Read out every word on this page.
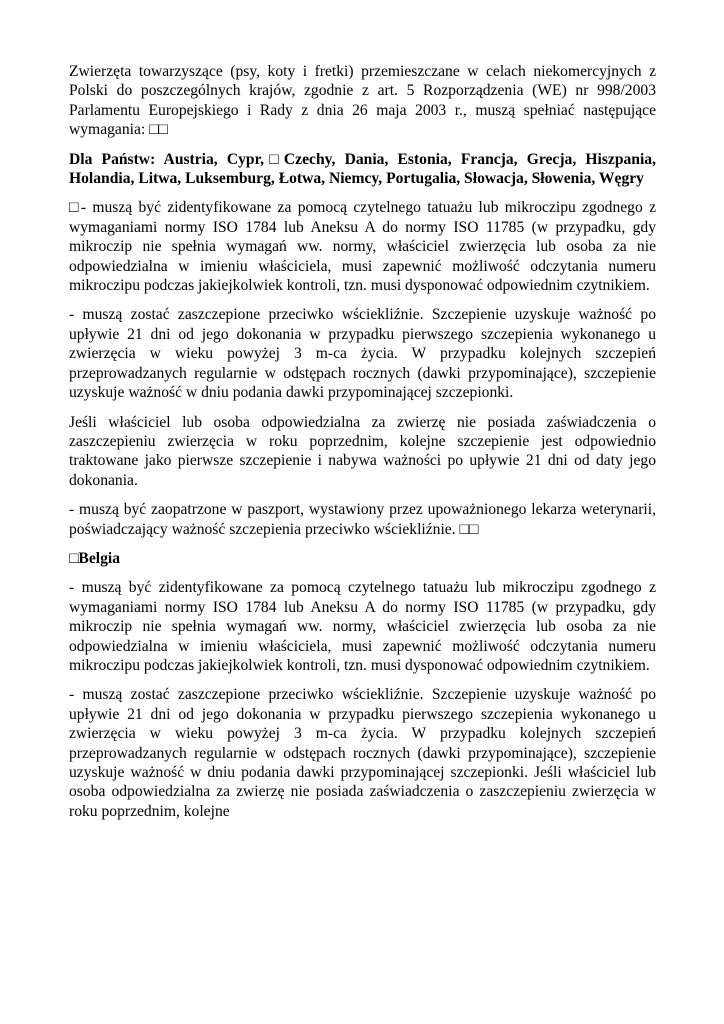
Zwierzęta towarzyszące (psy, koty i fretki) przemieszczane w celach niekomercyjnych z Polski do poszczególnych krajów, zgodnie z art. 5 Rozporządzenia (WE) nr 998/2003 Parlamentu Europejskiego i Rady z dnia 26 maja 2003 r., muszą spełniać następujące wymagania: □□

Dla Państw: Austria, Cypr,□Czechy, Dania, Estonia, Francja, Grecja, Hiszpania, Holandia, Litwa, Luksemburg, Łotwa, Niemcy, Portugalia, Słowacja, Słowenia, Węgry

□- muszą być zidentyfikowane za pomocą czytelnego tatuażu lub mikroczipu zgodnego z wymaganiami normy ISO 1784 lub Aneksu A do normy ISO 11785 (w przypadku, gdy mikroczip nie spełnia wymagań ww. normy, właściciel zwierzęcia lub osoba za nie odpowiedzialna w imieniu właściciela, musi zapewnić możliwość odczytania numeru mikroczipu podczas jakiejkolwiek kontroli, tzn. musi dysponować odpowiednim czytnikiem.

- muszą zostać zaszczepione przeciwko wściekliźnie. Szczepienie uzyskuje ważność po upływie 21 dni od jego dokonania w przypadku pierwszego szczepienia wykonanego u zwierzęcia w wieku powyżej 3 m-ca życia. W przypadku kolejnych szczepień przeprowadzanych regularnie w odstępach rocznych (dawki przypominające), szczepienie uzyskuje ważność w dniu podania dawki przypominającej szczepionki.

Jeśli właściciel lub osoba odpowiedzialna za zwierzę nie posiada zaświadczenia o zaszczepieniu zwierzęcia w roku poprzednim, kolejne szczepienie jest odpowiednio traktowane jako pierwsze szczepienie i nabywa ważności po upływie 21 dni od daty jego dokonania.

- muszą być zaopatrzone w paszport, wystawiony przez upoważnionego lekarza weterynarii, poświadczający ważność szczepienia przeciwko wściekliźnie. □□

□Belgia

- muszą być zidentyfikowane za pomocą czytelnego tatuażu lub mikroczipu zgodnego z wymaganiami normy ISO 1784 lub Aneksu A do normy ISO 11785 (w przypadku, gdy mikroczip nie spełnia wymagań ww. normy, właściciel zwierzęcia lub osoba za nie odpowiedzialna w imieniu właściciela, musi zapewnić możliwość odczytania numeru mikroczipu podczas jakiejkolwiek kontroli, tzn. musi dysponować odpowiednim czytnikiem.

- muszą zostać zaszczepione przeciwko wściekliźnie. Szczepienie uzyskuje ważność po upływie 21 dni od jego dokonania w przypadku pierwszego szczepienia wykonanego u zwierzęcia w wieku powyżej 3 m-ca życia. W przypadku kolejnych szczepień przeprowadzanych regularnie w odstępach rocznych (dawki przypominające), szczepienie uzyskuje ważność w dniu podania dawki przypominającej szczepionki. Jeśli właściciel lub osoba odpowiedzialna za zwierzę nie posiada zaświadczenia o zaszczepieniu zwierzęcia w roku poprzednim, kolejne
